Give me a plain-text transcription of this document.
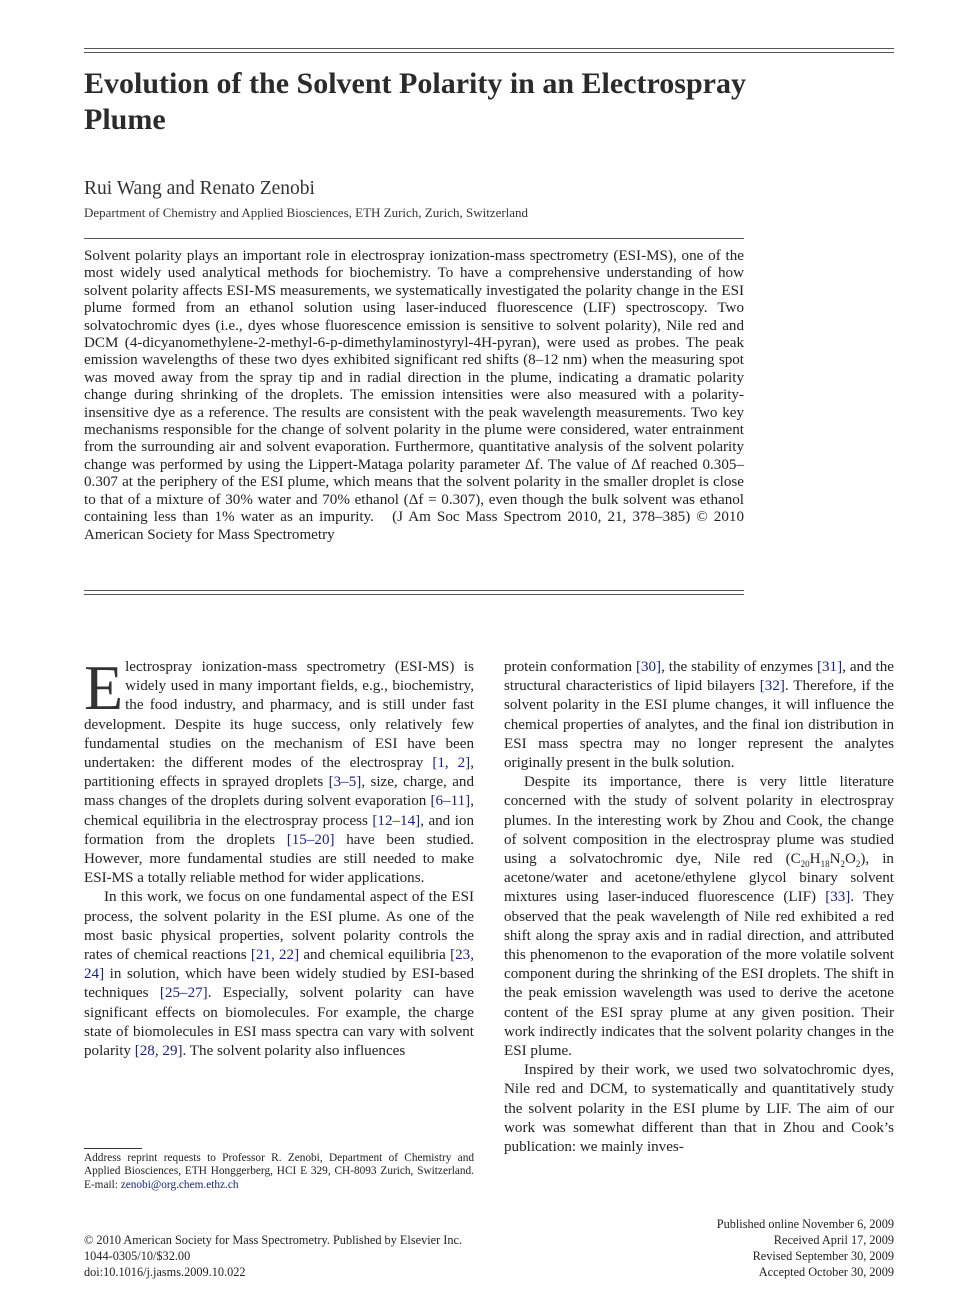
Evolution of the Solvent Polarity in an Electrospray Plume

Rui Wang and Renato Zenobi

Department of Chemistry and Applied Biosciences, ETH Zurich, Zurich, Switzerland

Solvent polarity plays an important role in electrospray ionization-mass spectrometry (ESI-MS), one of the most widely used analytical methods for biochemistry. To have a comprehensive understanding of how solvent polarity affects ESI-MS measurements, we systematically investigated the polarity change in the ESI plume formed from an ethanol solution using laser-induced fluorescence (LIF) spectroscopy. Two solvatochromic dyes (i.e., dyes whose fluorescence emission is sensitive to solvent polarity), Nile red and DCM (4-dicyanomethylene-2-methyl-6-p-dimethylaminostyryl-4H-pyran), were used as probes. The peak emission wavelengths of these two dyes exhibited significant red shifts (8–12 nm) when the measuring spot was moved away from the spray tip and in radial direction in the plume, indicating a dramatic polarity change during shrinking of the droplets. The emission intensities were also measured with a polarity-insensitive dye as a reference. The results are consistent with the peak wavelength measurements. Two key mechanisms responsible for the change of solvent polarity in the plume were considered, water entrainment from the surrounding air and solvent evaporation. Furthermore, quantitative analysis of the solvent polarity change was performed by using the Lippert-Mataga polarity parameter Δf. The value of Δf reached 0.305–0.307 at the periphery of the ESI plume, which means that the solvent polarity in the smaller droplet is close to that of a mixture of 30% water and 70% ethanol (Δf = 0.307), even though the bulk solvent was ethanol containing less than 1% water as an impurity. (J Am Soc Mass Spectrom 2010, 21, 378–385) © 2010 American Society for Mass Spectrometry

Electrospray ionization-mass spectrometry (ESI-MS) is widely used in many important fields, e.g., biochemistry, the food industry, and pharmacy, and is still under fast development. Despite its huge success, only relatively few fundamental studies on the mechanism of ESI have been undertaken: the different modes of the electrospray [1, 2], partitioning effects in sprayed droplets [3–5], size, charge, and mass changes of the droplets during solvent evaporation [6–11], chemical equilibria in the electrospray process [12–14], and ion formation from the droplets [15–20] have been studied. However, more fundamental studies are still needed to make ESI-MS a totally reliable method for wider applications.

In this work, we focus on one fundamental aspect of the ESI process, the solvent polarity in the ESI plume. As one of the most basic physical properties, solvent polarity controls the rates of chemical reactions [21, 22] and chemical equilibria [23, 24] in solution, which have been widely studied by ESI-based techniques [25–27]. Especially, solvent polarity can have significant effects on biomolecules. For example, the charge state of biomolecules in ESI mass spectra can vary with solvent polarity [28, 29]. The solvent polarity also influences

protein conformation [30], the stability of enzymes [31], and the structural characteristics of lipid bilayers [32]. Therefore, if the solvent polarity in the ESI plume changes, it will influence the chemical properties of analytes, and the final ion distribution in ESI mass spectra may no longer represent the analytes originally present in the bulk solution.

Despite its importance, there is very little literature concerned with the study of solvent polarity in electrospray plumes. In the interesting work by Zhou and Cook, the change of solvent composition in the electrospray plume was studied using a solvatochromic dye, Nile red $(C_{20}H_{18}N_2O_2)$, in acetone/water and acetone/ethylene glycol binary solvent mixtures using laser-induced fluorescence (LIF) [33]. They observed that the peak wavelength of Nile red exhibited a red shift along the spray axis and in radial direction, and attributed this phenomenon to the evaporation of the more volatile solvent component during the shrinking of the ESI droplets. The shift in the peak emission wavelength was used to derive the acetone content of the ESI spray plume at any given position. Their work indirectly indicates that the solvent polarity changes in the ESI plume.

Inspired by their work, we used two solvatochromic dyes, Nile red and DCM, to systematically and quantitatively study the solvent polarity in the ESI plume by LIF. The aim of our work was somewhat different than that in Zhou and Cook’s publication: we mainly inves-

Address reprint requests to Professor R. Zenobi, Department of Chemistry and Applied Biosciences, ETH Honggerberg, HCI E 329, CH-8093 Zurich, Switzerland. E-mail: zenobi@org.chem.ethz.ch

© 2010 American Society for Mass Spectrometry. Published by Elsevier Inc.
1044-0305/10/$32.00
doi:10.1016/j.jasms.2009.10.022
Published online November 6, 2009
Received April 17, 2009
Revised September 30, 2009
Accepted October 30, 2009
